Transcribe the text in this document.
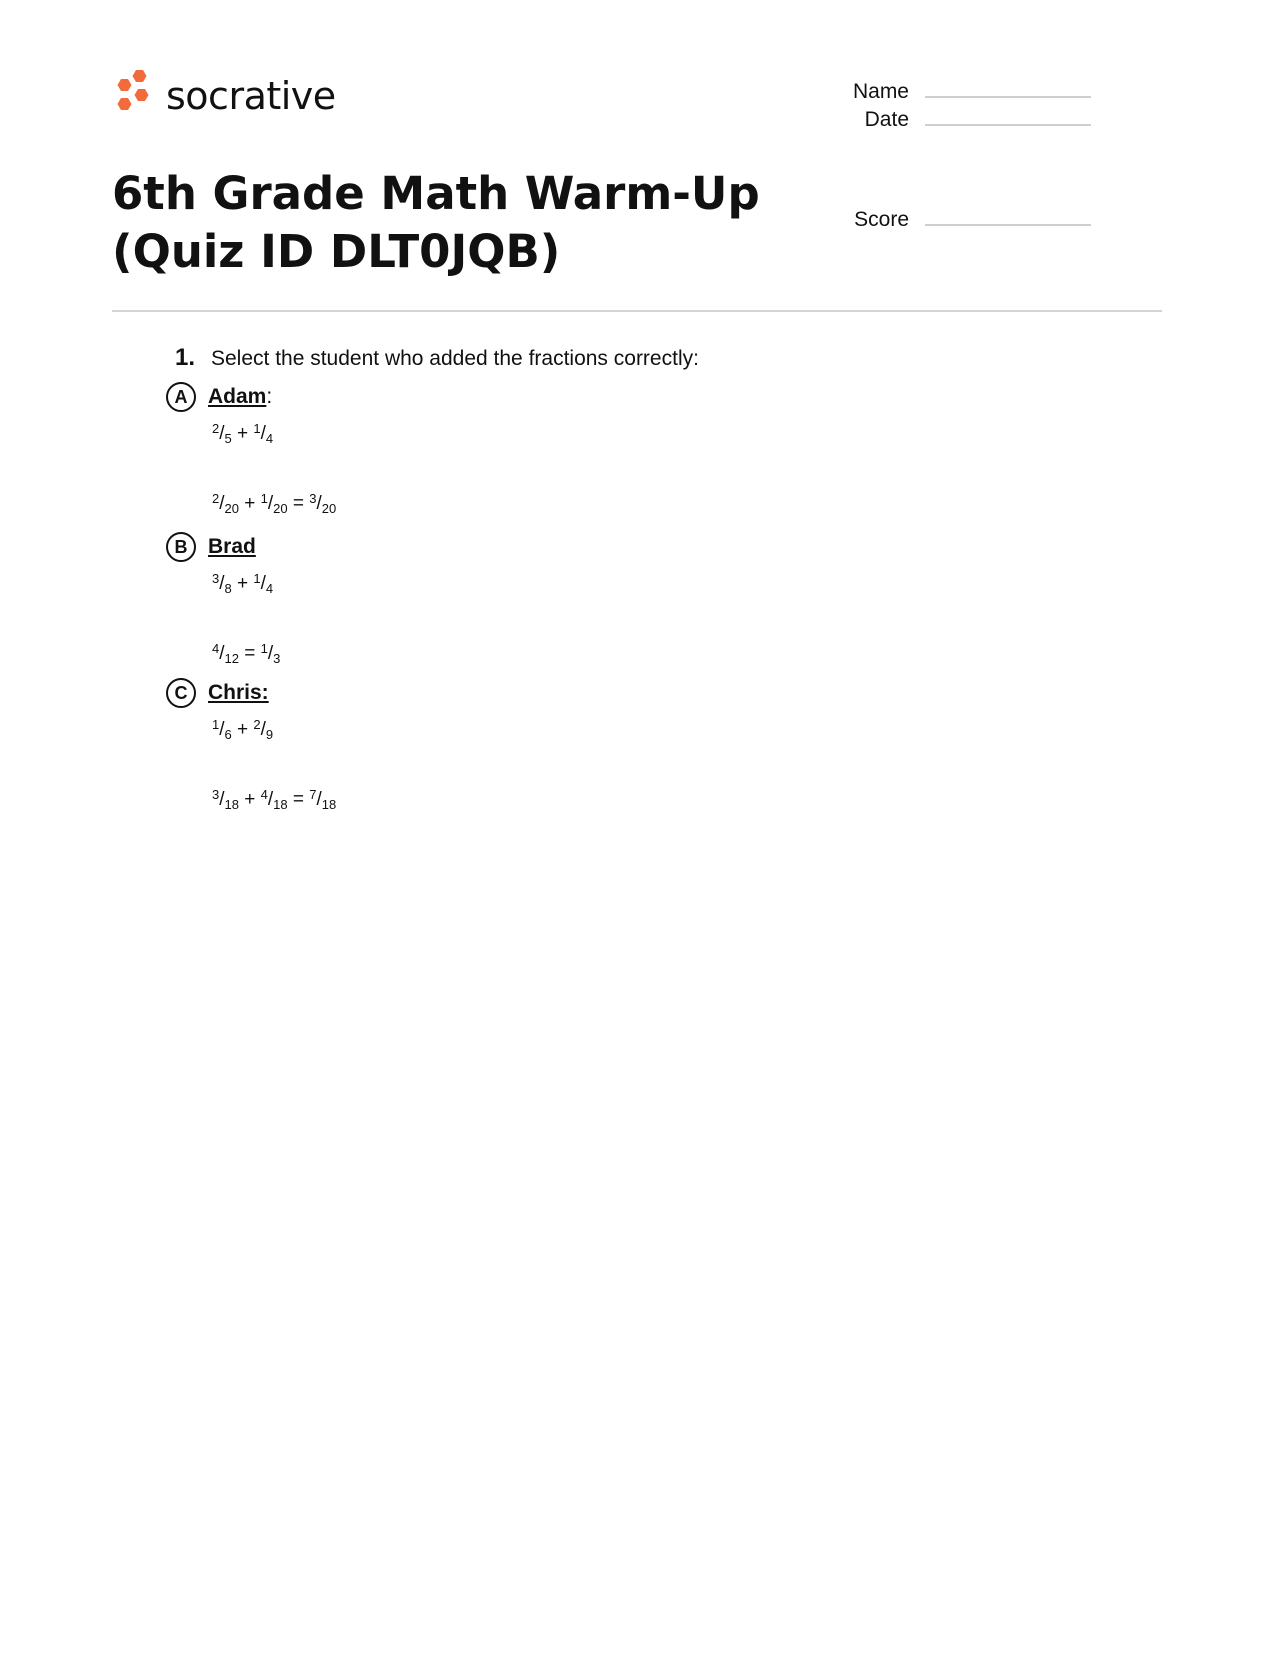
socrative	Name
Date
Score
6th Grade Math Warm-Up (Quiz ID DLT0JQB)
1. Select the student who added the fractions correctly:
A Adam:
$^2/_5 + ^1/_4$
$^2/_{20} + ^1/_{20} = ^3/_{20}$
B Brad
$^3/_8 + ^1/_4$
$^4/_{12} = ^1/_3$
C Chris:
$^1/_6 + ^2/_9$
$^3/_{18} + ^4/_{18} = ^7/_{18}$
